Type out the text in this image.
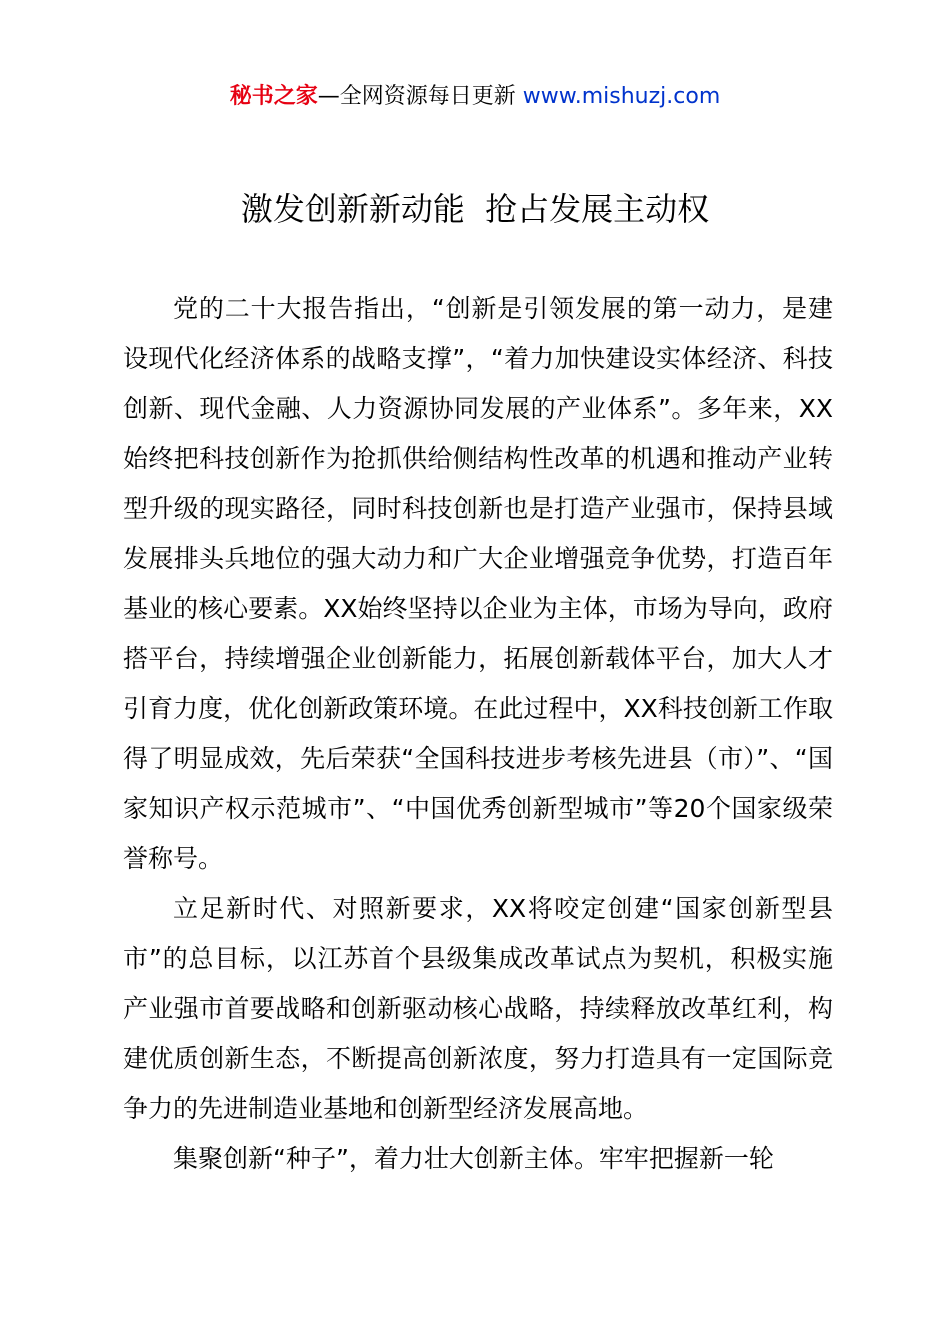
秘书之家—全网资源每日更新 www.mishuzj.com
激发创新新动能  抢占发展主动权

党的二十大报告指出，“创新是引领发展的第一动力，是建设现代化经济体系的战略支撑”，“着力加快建设实体经济、科技创新、现代金融、人力资源协同发展的产业体系”。多年来，XX始终把科技创新作为抢抓供给侧结构性改革的机遇和推动产业转型升级的现实路径，同时科技创新也是打造产业强市，保持县域发展排头兵地位的强大动力和广大企业增强竞争优势，打造百年基业的核心要素。XX始终坚持以企业为主体，市场为导向，政府搭平台，持续增强企业创新能力，拓展创新载体平台，加大人才引育力度，优化创新政策环境。在此过程中，XX科技创新工作取得了明显成效，先后荣获“全国科技进步考核先进县（市）”、“国家知识产权示范城市”、“中国优秀创新型城市”等20个国家级荣誉称号。

立足新时代、对照新要求，XX将咬定创建“国家创新型县市”的总目标，以江苏首个县级集成改革试点为契机，积极实施产业强市首要战略和创新驱动核心战略，持续释放改革红利，构建优质创新生态，不断提高创新浓度，努力打造具有一定国际竞争力的先进制造业基地和创新型经济发展高地。

集聚创新“种子”，着力壮大创新主体。牢牢把握新一轮
